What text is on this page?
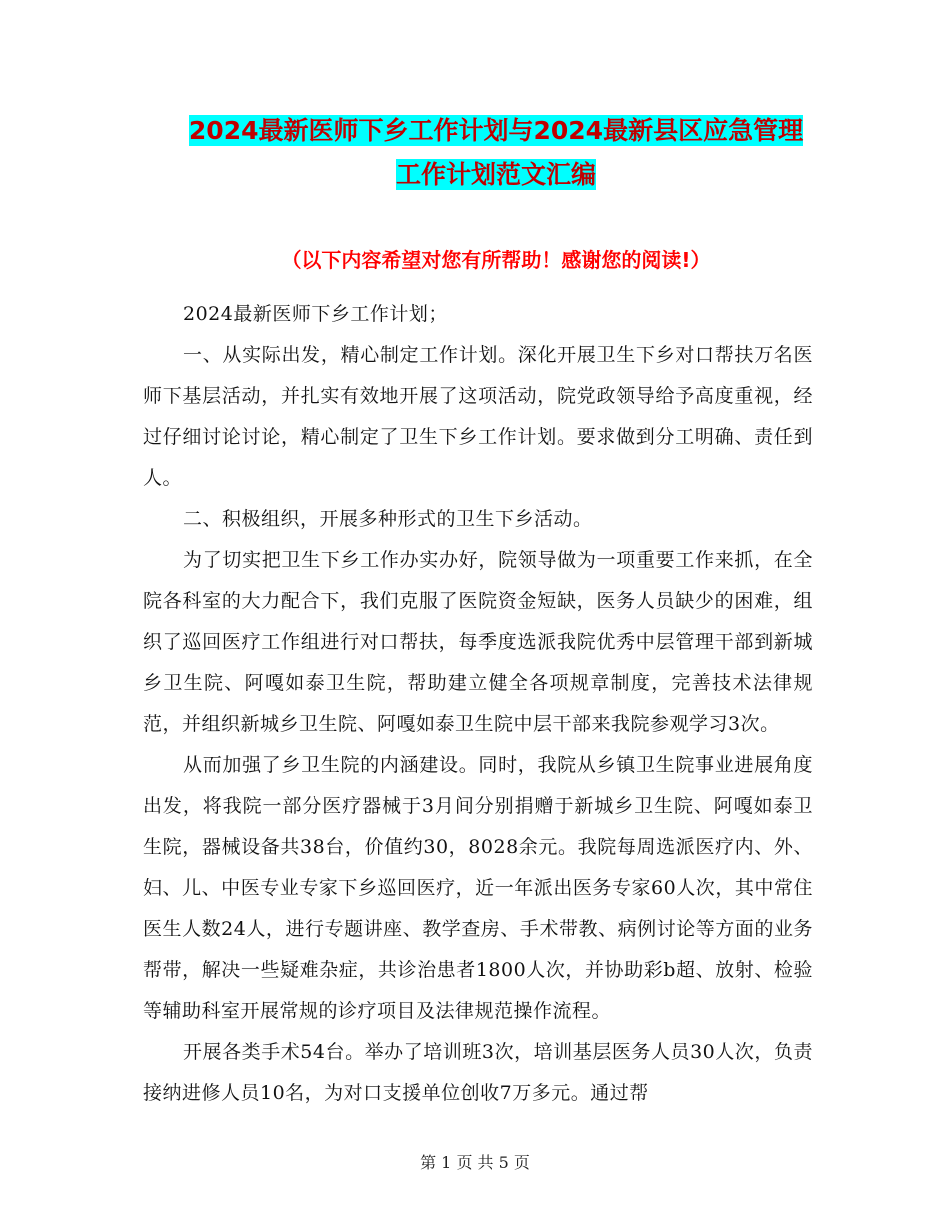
2024最新医师下乡工作计划与2024最新县区应急管理
工作计划范文汇编
（以下内容希望对您有所帮助！感谢您的阅读!）

2024最新医师下乡工作计划；

一、从实际出发，精心制定工作计划。深化开展卫生下乡对口帮扶万名医师下基层活动，并扎实有效地开展了这项活动，院党政领导给予高度重视，经过仔细讨论讨论，精心制定了卫生下乡工作计划。要求做到分工明确、责任到人。

二、积极组织，开展多种形式的卫生下乡活动。

为了切实把卫生下乡工作办实办好，院领导做为一项重要工作来抓，在全院各科室的大力配合下，我们克服了医院资金短缺，医务人员缺少的困难，组织了巡回医疗工作组进行对口帮扶，每季度选派我院优秀中层管理干部到新城乡卫生院、阿嘎如泰卫生院，帮助建立健全各项规章制度，完善技术法律规范，并组织新城乡卫生院、阿嘎如泰卫生院中层干部来我院参观学习3次。

从而加强了乡卫生院的内涵建设。同时，我院从乡镇卫生院事业进展角度出发，将我院一部分医疗器械于3月间分别捐赠于新城乡卫生院、阿嘎如泰卫生院，器械设备共38台，价值约30，8028余元。我院每周选派医疗内、外、妇、儿、中医专业专家下乡巡回医疗，近一年派出医务专家60人次，其中常住医生人数24人，进行专题讲座、教学查房、手术带教、病例讨论等方面的业务帮带，解决一些疑难杂症，共诊治患者1800人次，并协助彩b超、放射、检验等辅助科室开展常规的诊疗项目及法律规范操作流程。

开展各类手术54台。举办了培训班3次，培训基层医务人员30人次，负责接纳进修人员10名，为对口支援单位创收7万多元。通过帮

第 1 页 共 5 页
